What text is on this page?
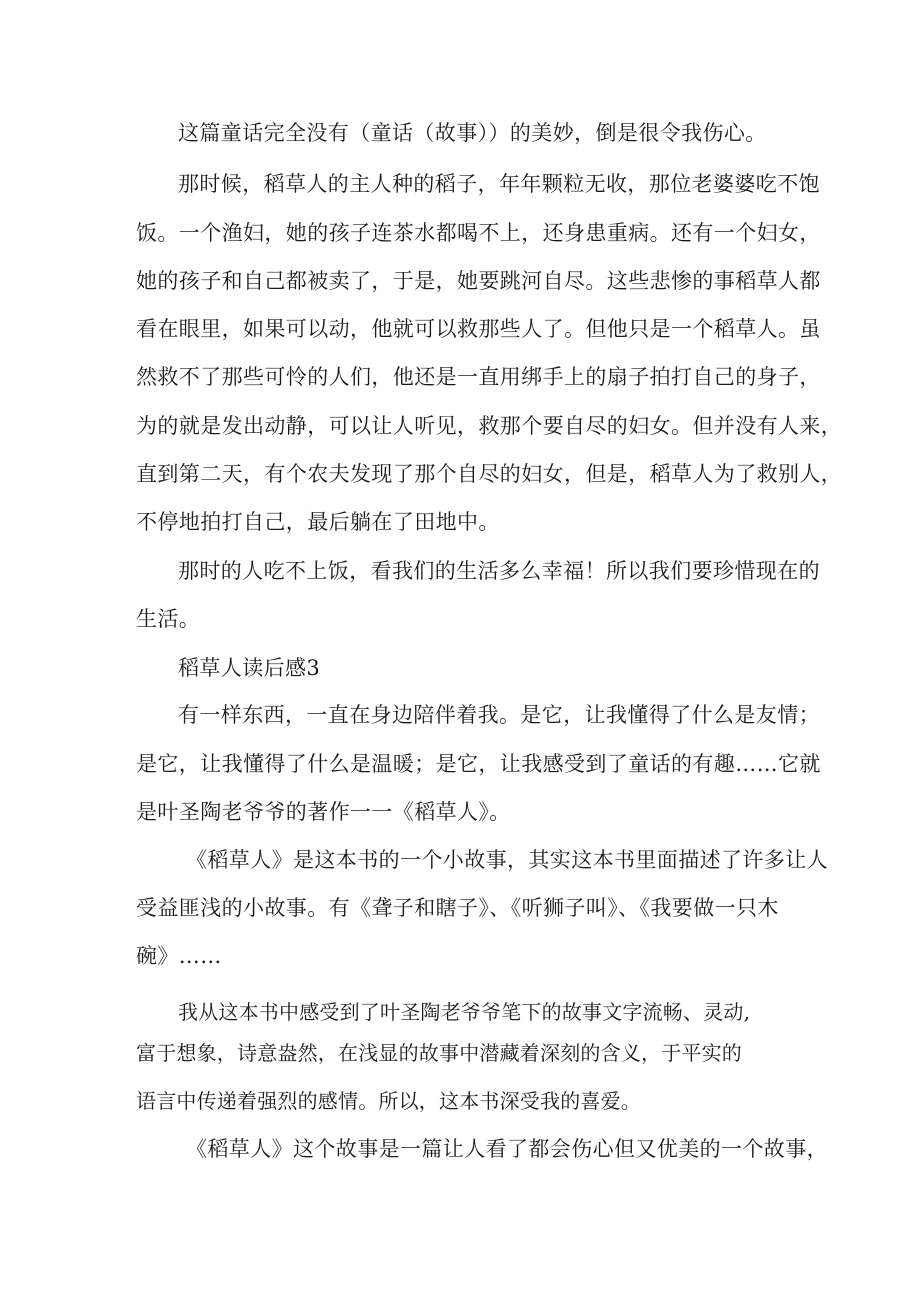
这篇童话完全没有（童话（故事））的美妙，倒是很令我伤心。

那时候，稻草人的主人种的稻子，年年颗粒无收，那位老婆婆吃不饱

饭。一个渔妇，她的孩子连茶水都喝不上，还身患重病。还有一个妇女，

她的孩子和自己都被卖了，于是，她要跳河自尽。这些悲惨的事稻草人都

看在眼里，如果可以动，他就可以救那些人了。但他只是一个稻草人。虽

然救不了那些可怜的人们，他还是一直用绑手上的扇子拍打自己的身子，

为的就是发出动静，可以让人听见，救那个要自尽的妇女。但并没有人来，

直到第二天，有个农夫发现了那个自尽的妇女，但是，稻草人为了救别人，

不停地拍打自己，最后躺在了田地中。

那时的人吃不上饭，看我们的生活多么幸福！所以我们要珍惜现在的

生活。

稻草人读后感3

有一样东西，一直在身边陪伴着我。是它，让我懂得了什么是友情；

是它，让我懂得了什么是温暖；是它，让我感受到了童话的有趣……它就

是叶圣陶老爷爷的著作一一《稻草人》。

《稻草人》是这本书的一个小故事，其实这本书里面描述了许多让人

受益匪浅的小故事。有《聋子和瞎子》、《听狮子叫》、《我要做一只木

碗》……

我从这本书中感受到了叶圣陶老爷爷笔下的故事文字流畅、灵动,

富于想象，诗意盎然，在浅显的故事中潜藏着深刻的含义，于平实的

语言中传递着强烈的感情。所以，这本书深受我的喜爱。

《稻草人》这个故事是一篇让人看了都会伤心但又优美的一个故事，
